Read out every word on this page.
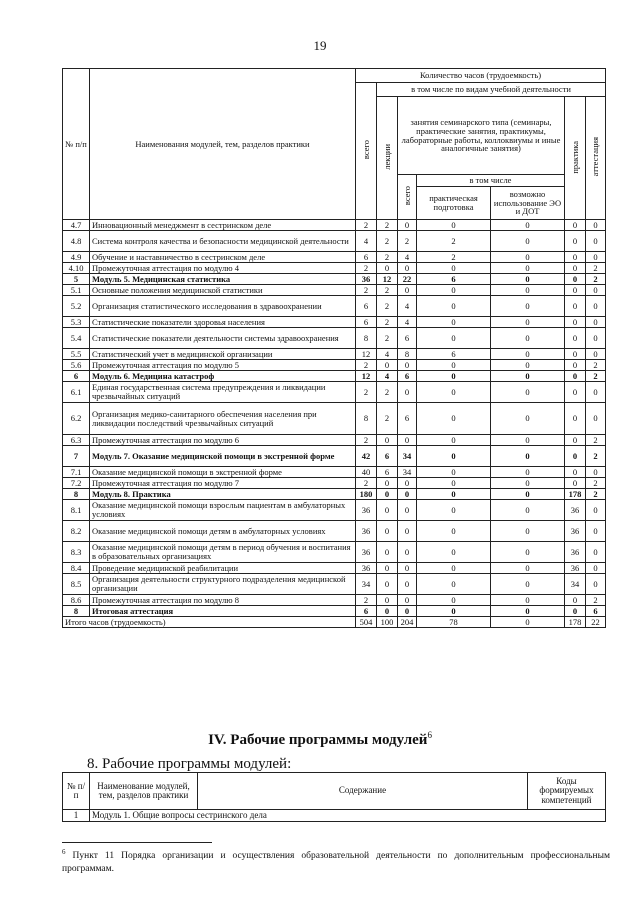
19
№ п/п	Наименования модулей, тем, разделов практики	Количество часов (трудоемкость)						
		всего	в том числе по видам учебной деятельности					
			лекции	занятия семинарского типа (семинары, практические занятия, практикумы, лабораторные работы, коллоквиумы и иные аналогичные занятия)			практика	аттестация
				всего	в том числе
практическая подготовка
возможно использование ЭО и ДОТ			

4.7	Инновационный менеджмент в сестринском деле	2	2	0	0	0	0	0
4.8	Система контроля качества и безопасности медицинской деятельности	4	2	2	2	0	0	0
4.9	Обучение и наставничество в сестринском деле	6	2	4	2	0	0	0
4.10	Промежуточная аттестация по модулю 4	2	0	0	0	0	0	2
5	Модуль 5. Медицинская статистика	36	12	22	6	0	0	2
5.1	Основные положения медицинской статистики	2	2	0	0	0	0	0
5.2	Организация статистического исследования в здравоохранении	6	2	4	0	0	0	0
5.3	Статистические показатели здоровья населения	6	2	4	0	0	0	0
5.4	Статистические показатели деятельности системы здравоохранения	8	2	6	0	0	0	0
5.5	Статистический учет в медицинской организации	12	4	8	6	0	0	0
5.6	Промежуточная аттестация по модулю 5	2	0	0	0	0	0	2
6	Модуль 6. Медицина катастроф	12	4	6	0	0	0	2
6.1	Единая государственная система предупреждения и ликвидации чрезвычайных ситуаций	2	2	0	0	0	0	0
6.2	Организация медико-санитарного обеспечения населения при ликвидации последствий чрезвычайных ситуаций	8	2	6	0	0	0	0
6.3	Промежуточная аттестация по модулю 6	2	0	0	0	0	0	2
7	Модуль 7. Оказание медицинской помощи в экстренной форме	42	6	34	0	0	0	2
7.1	Оказание медицинской помощи в экстренной форме	40	6	34	0	0	0	0
7.2	Промежуточная аттестация по модулю 7	2	0	0	0	0	0	2
8	Модуль 8. Практика	180	0	0	0	0	178	2
8.1	Оказание медицинской помощи взрослым пациентам в амбулаторных условиях	36	0	0	0	0	36	0
8.2	Оказание медицинской помощи детям в амбулаторных условиях	36	0	0	0	0	36	0
8.3	Оказание медицинской помощи детям в период обучения и воспитания в образовательных организациях	36	0	0	0	0	36	0
8.4	Проведение медицинской реабилитации	36	0	0	0	0	36	0
8.5	Организация деятельности структурного подразделения медицинской организации	34	0	0	0	0	34	0
8.6	Промежуточная аттестация по модулю 8	2	0	0	0	0	0	2
8	Итоговая аттестация	6	0	0	0	0	0	6
Итого часов (трудоемкость)		504	100	204	78	0	178	22
IV. Рабочие программы модулей$^6$
8. Рабочие программы модулей:
№ п/п	Наименование модулей, тем, разделов практики	Содержание	Коды формируемых компетенций
1	Модуль 1. Общие вопросы сестринского дела		
$^6$ Пункт 11 Порядка организации и осуществления образовательной деятельности по дополнительным профессиональным программам.
